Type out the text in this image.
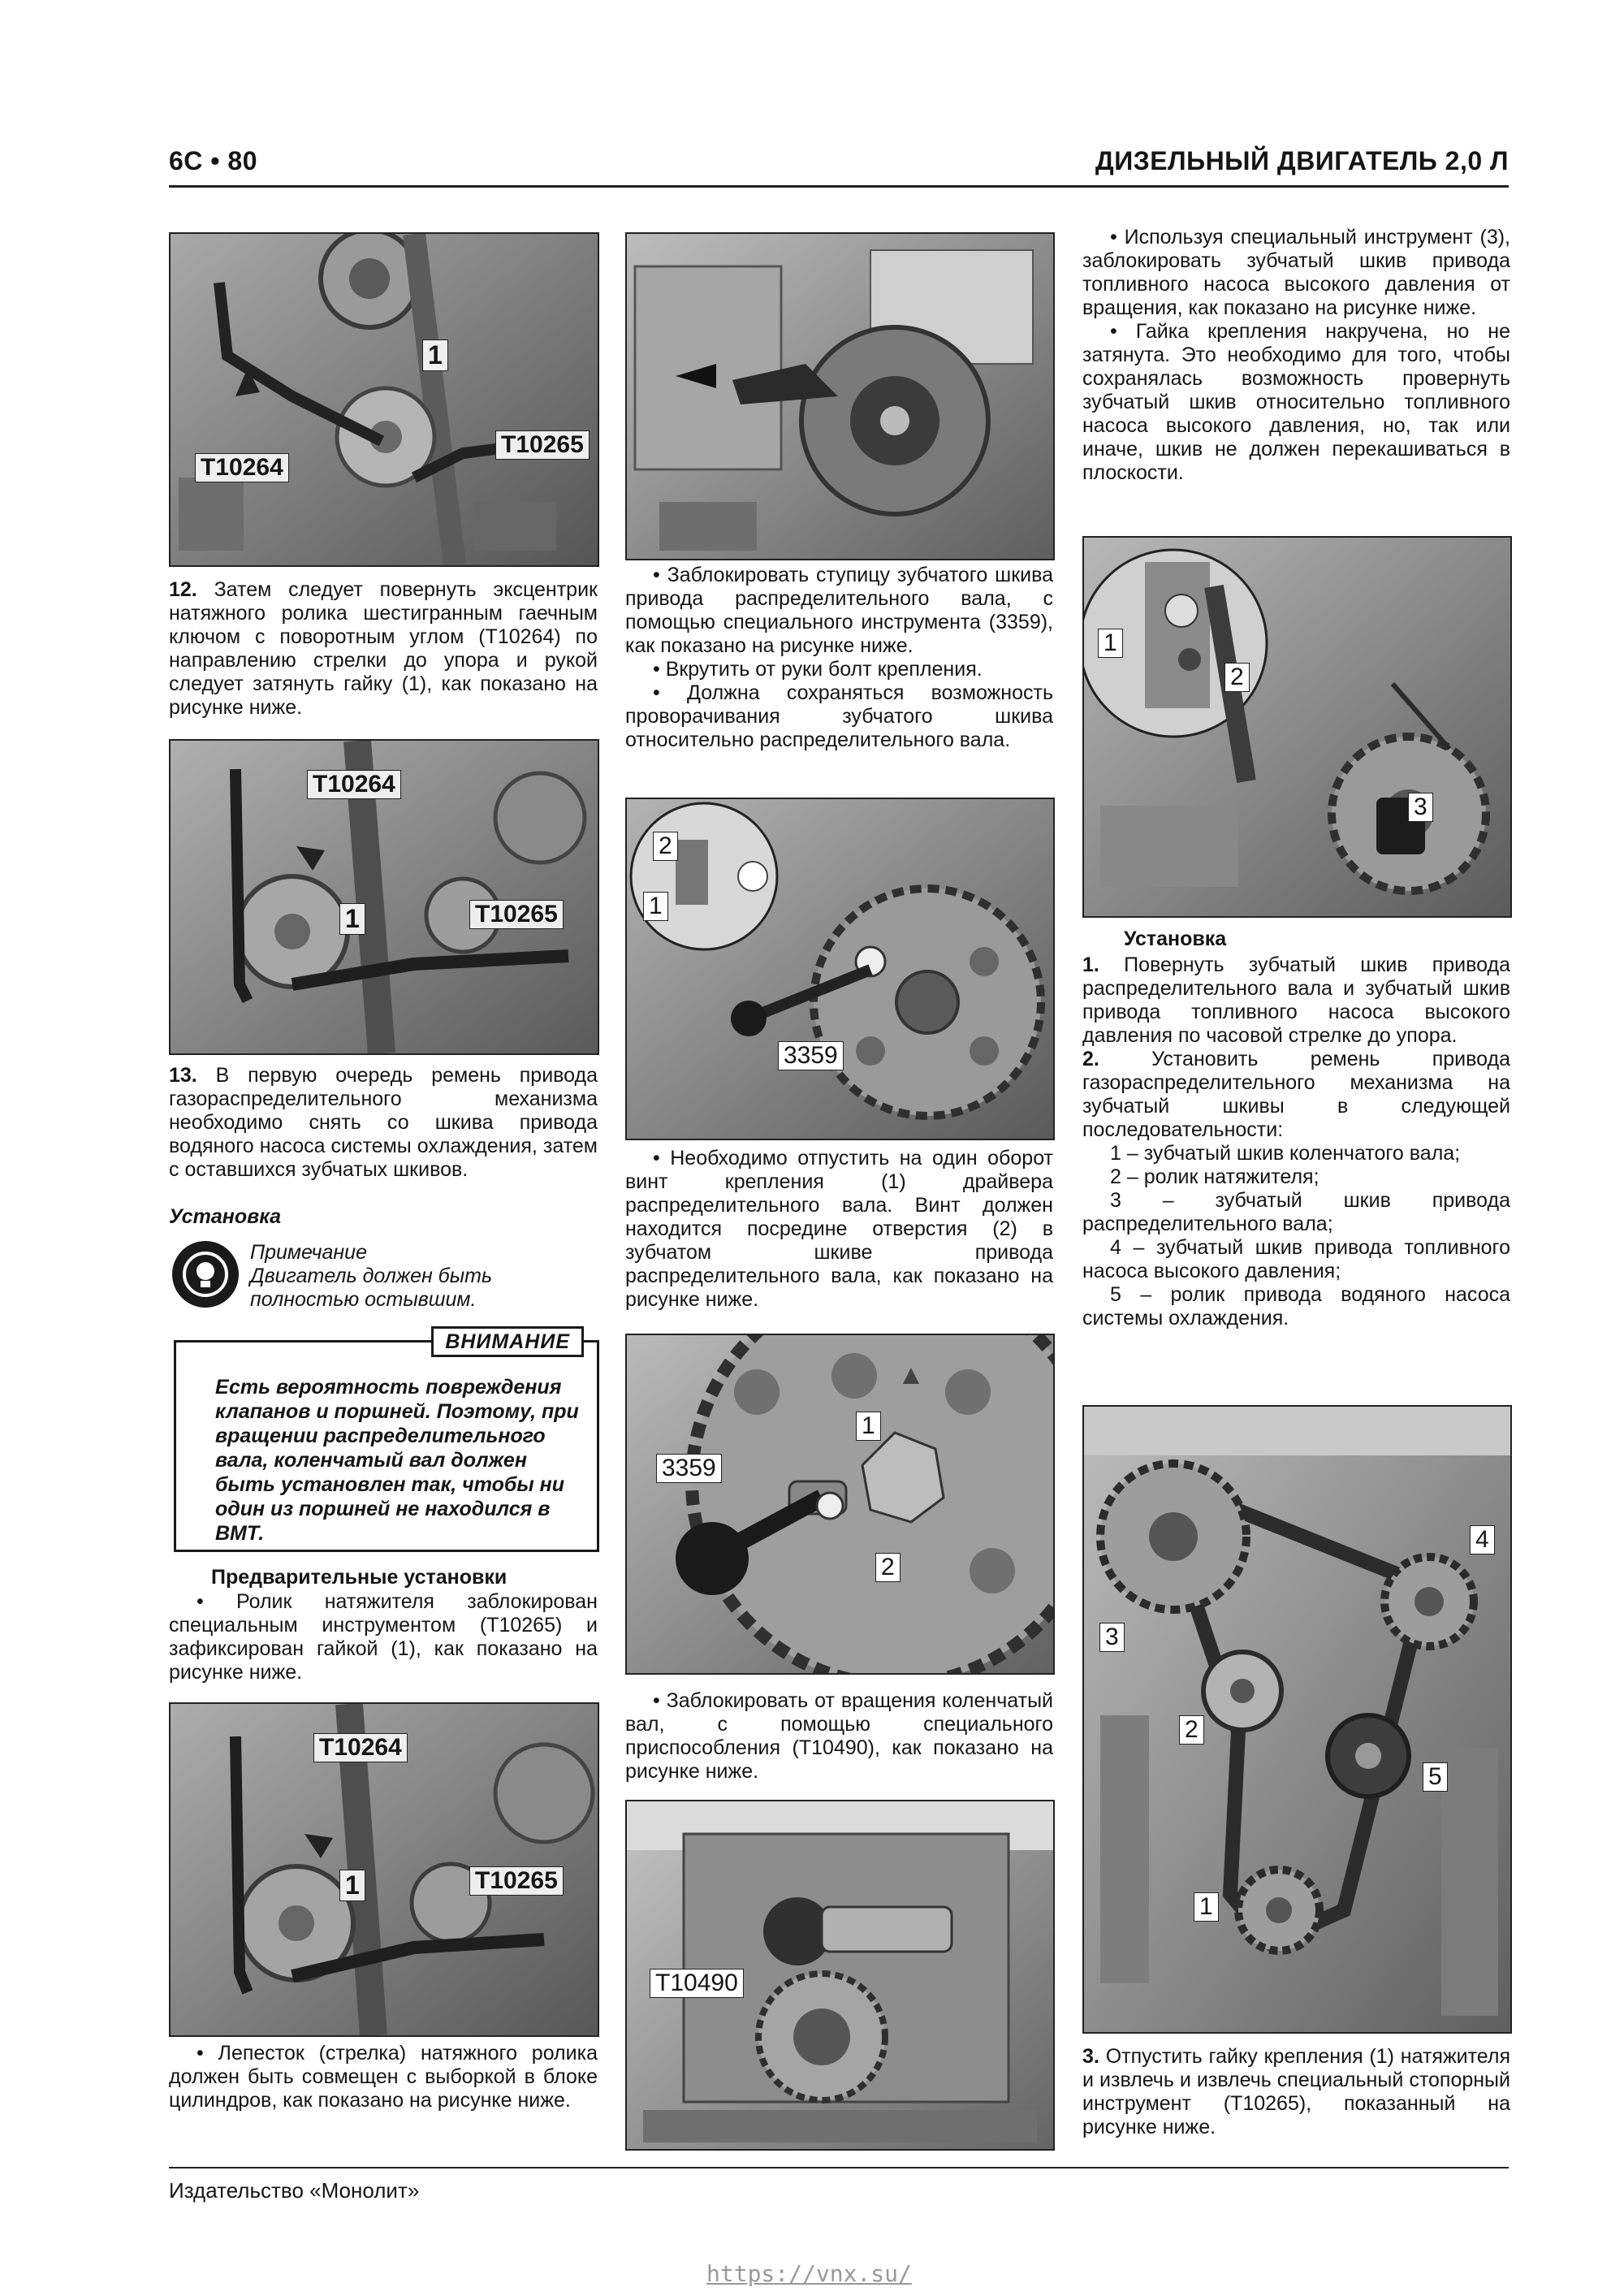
6C • 80	ДИЗЕЛЬНЫЙ ДВИГАТЕЛЬ 2,0 Л
1
T10264
T10265

12. Затем следует повернуть эксцентрик натяжного ролика шестигранным гаечным ключом с поворотным углом (T10264) по направлению стрелки до упора и рукой следует затянуть гайку (1), как показано на рисунке ниже.

T10264
1	T10265

13. В первую очередь ремень привода газораспределительного механизма необходимо снять со шкива привода водяного насоса системы охлаждения, затем с оставшихся зубчатых шкивов.

Установка
Примечание
Двигатель должен быть полностью остывшим.
ВНИМАНИЕ
Есть вероятность повреждения клапанов и поршней. Поэтому, при вращении распределительного вала, коленчатый вал должен быть установлен так, чтобы ни один из поршней не находился в ВМТ.
Предварительные установки
• Ролик натяжителя заблокирован специальным инструментом (T10265) и зафиксирован гайкой (1), как показано на рисунке ниже.
T10264
1	T10265
• Лепесток (стрелка) натяжного ролика должен быть совмещен с выборкой в блоке цилиндров, как показано на рисунке ниже.

• Заблокировать ступицу зубчатого шкива привода распределительного вала, с помощью специального инструмента (3359), как показано на рисунке ниже.

• Вкрутить от руки болт крепления.

• Должна сохраняться возможность проворачивания зубчатого шкива относительно распределительного вала.

2
1
3359
• Необходимо отпустить на один оборот винт крепления (1) драйвера распределительного вала. Винт должен находится посредине отверстия (2) в зубчатом шкиве привода распределительного вала, как показано на рисунке ниже.
3359
1
2
• Заблокировать от вращения коленчатый вал, с помощью специального приспособления (T10490), как показано на рисунке ниже.
T10490

• Используя специальный инструмент (3), заблокировать зубчатый шкив привода топливного насоса высокого давления от вращения, как показано на рисунке ниже.

• Гайка крепления накручена, но не затянута. Это необходимо для того, чтобы сохранялась возможность провернуть зубчатый шкив относительно топливного насоса высокого давления, но, так или иначе, шкив не должен перекашиваться в плоскости.

1
2
3
Установка

1. Повернуть зубчатый шкив привода распределительного вала и зубчатый шкив привода топливного насоса высокого давления по часовой стрелке до упора.

2.	Установить ремень привода газораспределительного механизма на зубчатый шкивы в следующей последовательности:

1 – зубчатый шкив коленчатого вала;

2 – ролик натяжителя;

3 – зубчатый шкив привода распределительного вала;

4 – зубчатый шкив привода топливного насоса высокого давления;

5 – ролик привода водяного насоса системы охлаждения.

4
3
2
5
1

3. Отпустить гайку крепления (1) натяжителя и извлечь и извлечь специальный стопорный инструмент (T10265), показанный на рисунке ниже.

Издательство «Монолит»
https://vnx.su/
